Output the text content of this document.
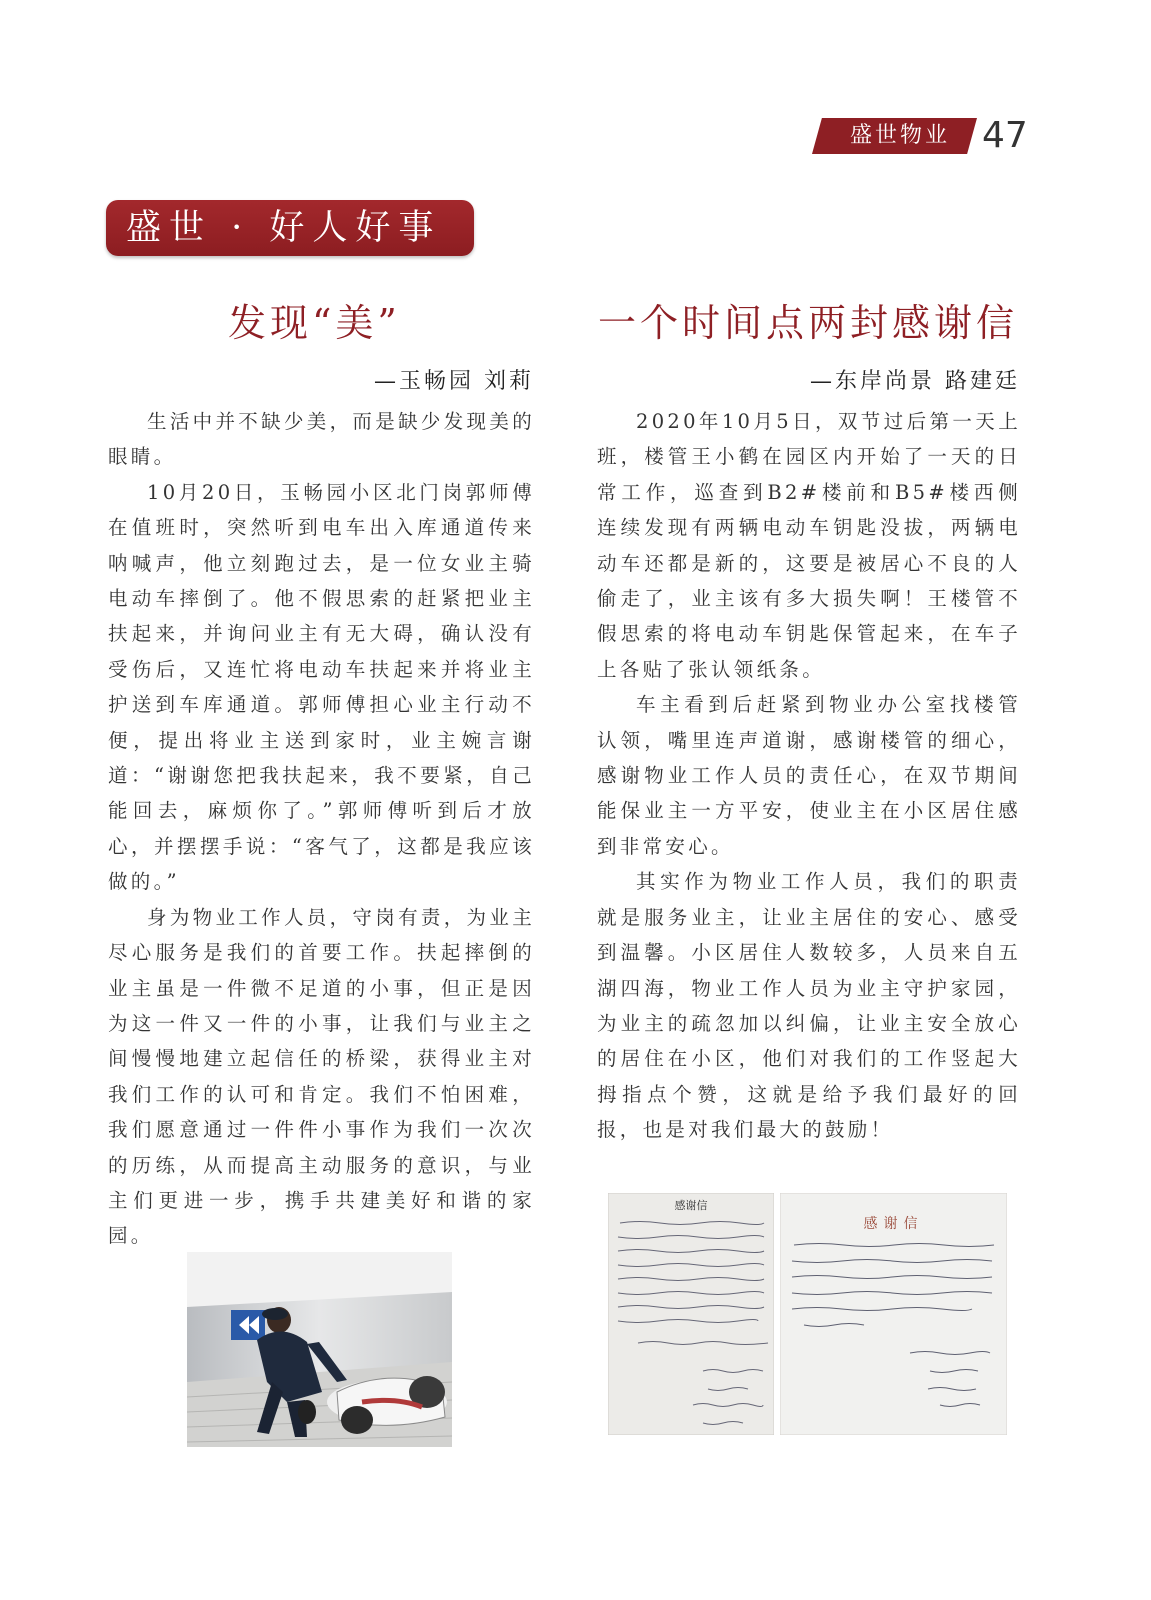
盛世物业 47
盛世 · 好人好事
发现“美”
—玉畅园 刘莉

生活中并不缺少美，而是缺少发现美的眼睛。

10月20日，玉畅园小区北门岗郭师傅在值班时，突然听到电车出入库通道传来呐喊声，他立刻跑过去，是一位女业主骑电动车摔倒了。他不假思索的赶紧把业主扶起来，并询问业主有无大碍，确认没有受伤后，又连忙将电动车扶起来并将业主护送到车库通道。郭师傅担心业主行动不便，提出将业主送到家时，业主婉言谢道：“谢谢您把我扶起来，我不要紧，自己能回去，麻烦你了。”郭师傅听到后才放心，并摆摆手说：“客气了，这都是我应该做的。”

身为物业工作人员，守岗有责，为业主尽心服务是我们的首要工作。扶起摔倒的业主虽是一件微不足道的小事，但正是因为这一件又一件的小事，让我们与业主之间慢慢地建立起信任的桥梁，获得业主对我们工作的认可和肯定。我们不怕困难，我们愿意通过一件件小事作为我们一次次的历练，从而提高主动服务的意识，与业主们更进一步，携手共建美好和谐的家园。

一个时间点两封感谢信
—东岸尚景 路建廷

2020年10月5日，双节过后第一天上班，楼管王小鹤在园区内开始了一天的日常工作，巡查到B2#楼前和B5#楼西侧连续发现有两辆电动车钥匙没拔，两辆电动车还都是新的，这要是被居心不良的人偷走了，业主该有多大损失啊！王楼管不假思索的将电动车钥匙保管起来，在车子上各贴了张认领纸条。

车主看到后赶紧到物业办公室找楼管认领，嘴里连声道谢，感谢楼管的细心，感谢物业工作人员的责任心，在双节期间能保业主一方平安，使业主在小区居住感到非常安心。

其实作为物业工作人员，我们的职责就是服务业主，让业主居住的安心、感受到温馨。小区居住人数较多，人员来自五湖四海，物业工作人员为业主守护家园，为业主的疏忽加以纠偏，让业主安全放心的居住在小区，他们对我们的工作竖起大拇指点个赞，这就是给予我们最好的回报，也是对我们最大的鼓励！

感谢信
感谢信
